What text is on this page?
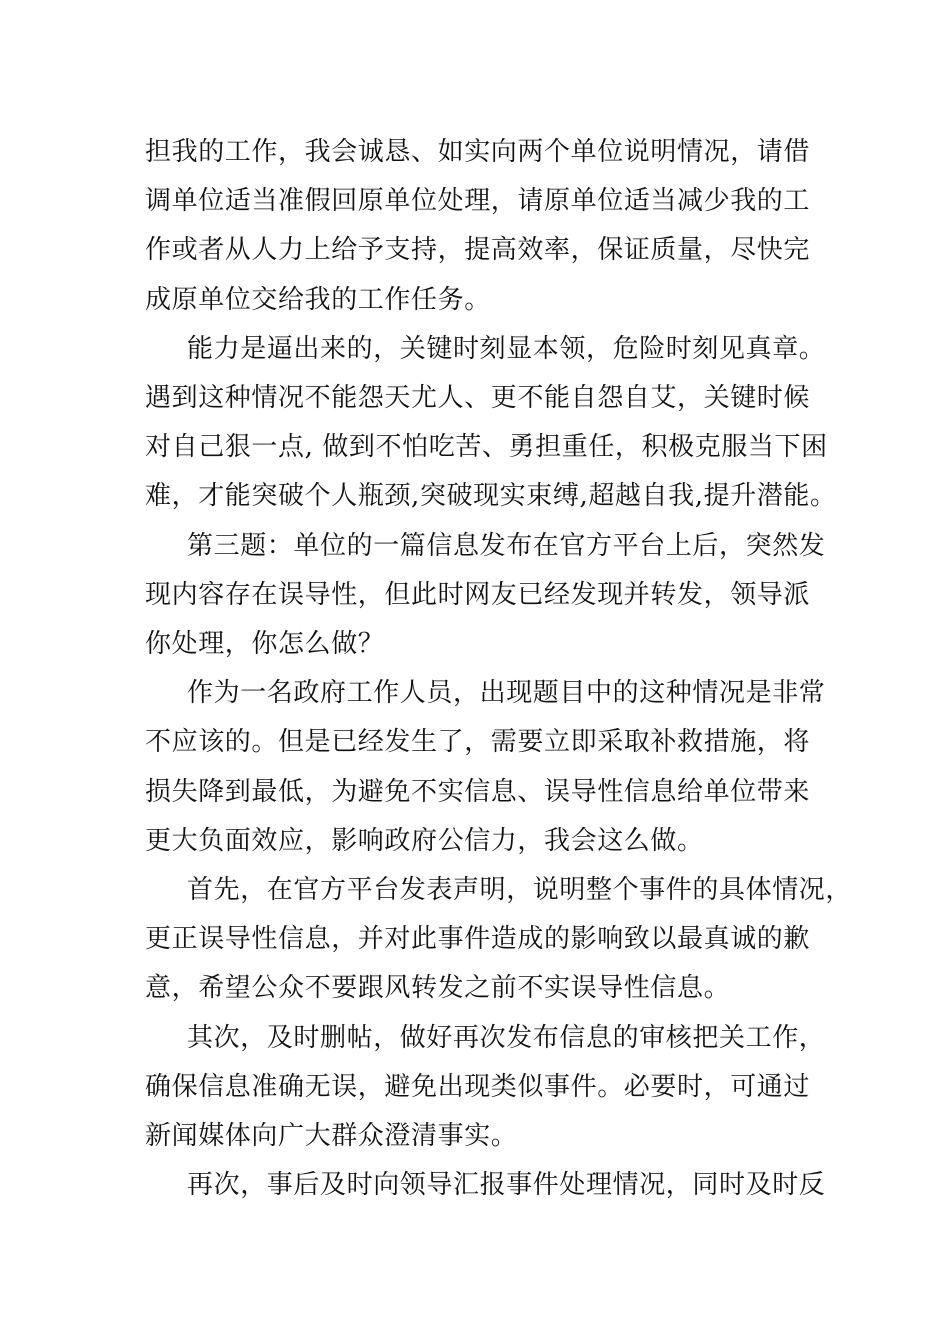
担我的工作，我会诚恳、如实向两个单位说明情况，请借
调单位适当准假回原单位处理，请原单位适当减少我的工
作或者从人力上给予支持，提高效率，保证质量，尽快完
成原单位交给我的工作任务。

能力是逼出来的，关键时刻显本领，危险时刻见真章。
遇到这种情况不能怨天尤人、更不能自怨自艾，关键时候
对自己狠一点, 做到不怕吃苦、勇担重任，积极克服当下困
难，才能突破个人瓶颈,突破现实束缚,超越自我,提升潜能。

第三题：单位的一篇信息发布在官方平台上后，突然发
现内容存在误导性，但此时网友已经发现并转发，领导派
你处理，你怎么做？

作为一名政府工作人员，出现题目中的这种情况是非常
不应该的。但是已经发生了，需要立即采取补救措施，将
损失降到最低，为避免不实信息、误导性信息给单位带来
更大负面效应，影响政府公信力，我会这么做。

首先，在官方平台发表声明，说明整个事件的具体情况，
更正误导性信息，并对此事件造成的影响致以最真诚的歉
意，希望公众不要跟风转发之前不实误导性信息。

其次，及时删帖，做好再次发布信息的审核把关工作，
确保信息准确无误，避免出现类似事件。必要时，可通过
新闻媒体向广大群众澄清事实。

再次，事后及时向领导汇报事件处理情况，同时及时反
